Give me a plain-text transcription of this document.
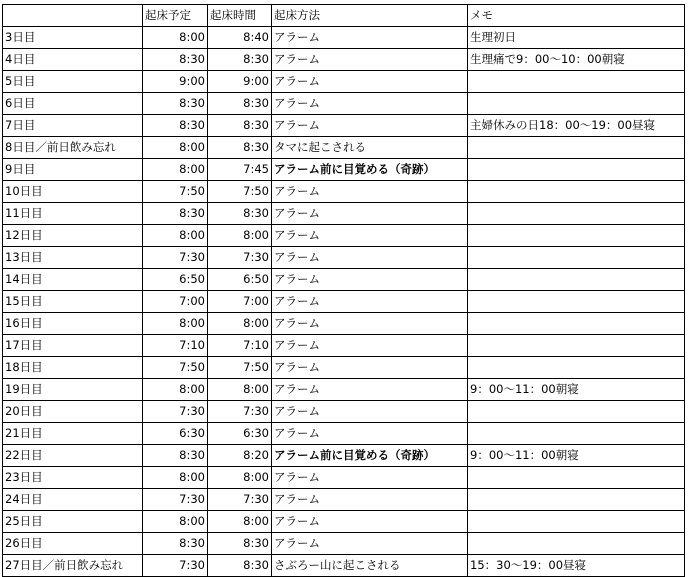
	起床予定	起床時間	起床方法	メモ
3日目	8:00	8:40	アラーム	生理初日
4日目	8:30	8:30	アラーム	生理痛で9：00〜10：00朝寝
5日目	9:00	9:00	アラーム	
6日目	8:30	8:30	アラーム	
7日目	8:30	8:30	アラーム	主婦休みの日18：00〜19：00昼寝
8日目／前日飲み忘れ	8:00	8:30	タマに起こされる	
9日目	8:00	7:45	アラーム前に目覚める（奇跡）	
10日目	7:50	7:50	アラーム	
11日目	8:30	8:30	アラーム	
12日目	8:00	8:00	アラーム	
13日目	7:30	7:30	アラーム	
14日目	6:50	6:50	アラーム	
15日目	7:00	7:00	アラーム	
16日目	8:00	8:00	アラーム	
17日目	7:10	7:10	アラーム	
18日目	7:50	7:50	アラーム	
19日目	8:00	8:00	アラーム	9：00〜11：00朝寝
20日目	7:30	7:30	アラーム	
21日目	6:30	6:30	アラーム	
22日目	8:30	8:20	アラーム前に目覚める（奇跡）	9：00〜11：00朝寝
23日目	8:00	8:00	アラーム	
24日目	7:30	7:30	アラーム	
25日目	8:00	8:00	アラーム	
26日目	8:30	8:30	アラーム	
27日目／前日飲み忘れ	7:30	8:30	さぶろー山に起こされる	15：30〜19：00昼寝
